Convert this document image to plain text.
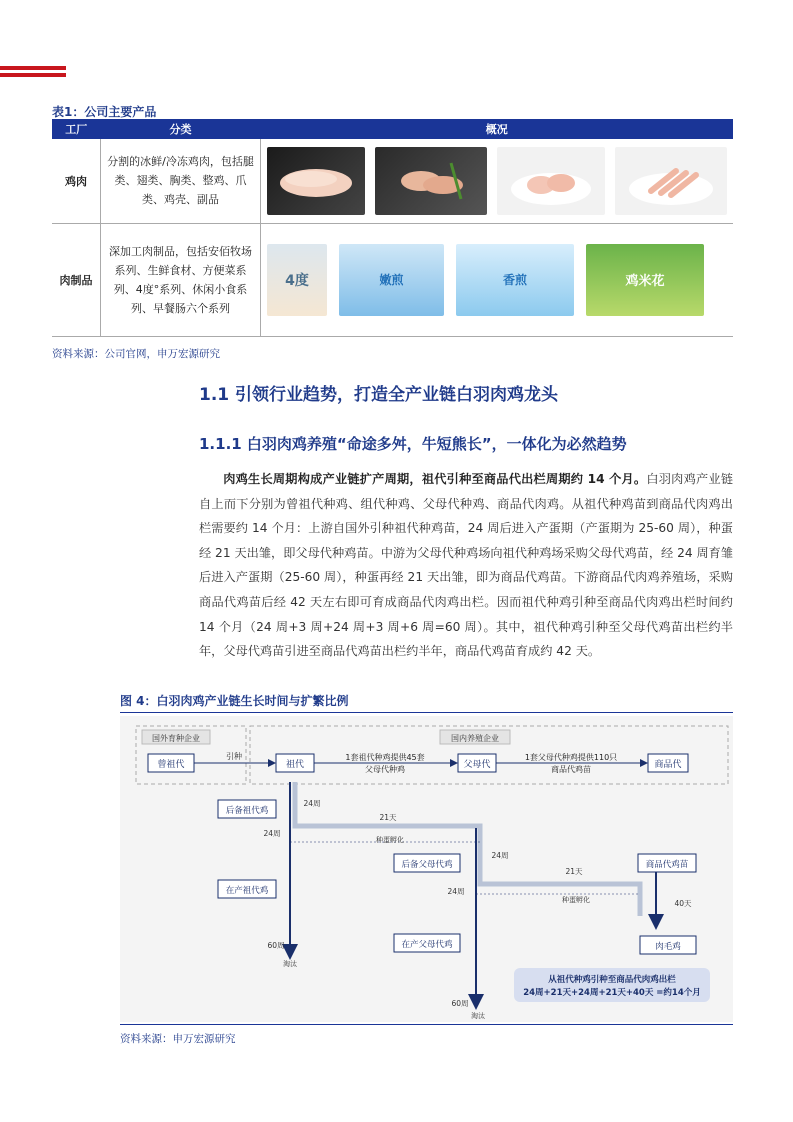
表1：公司主要产品
工厂	分类	概况
鸡肉	分割的冰鲜/冷冻鸡肉，包括腿类、翅类、胸类、整鸡、爪类、鸡壳、副品	

肉制品	深加工肉制品，包括安佰牧场系列、生鲜食材、方便菜系列、4度°系列、休闲小食系列、早餐肠六个系列	4度 嫩煎 香煎 鸡米花
资料来源：公司官网，申万宏源研究
1.1 引领行业趋势，打造全产业链白羽肉鸡龙头
1.1.1 白羽肉鸡养殖“命途多舛，牛短熊长”，一体化为必然趋势
肉鸡生长周期构成产业链扩产周期，祖代引种至商品代出栏周期约 14 个月。白羽肉鸡产业链自上而下分别为曾祖代种鸡、组代种鸡、父母代种鸡、商品代肉鸡。从祖代种鸡苗到商品代肉鸡出栏需要约 14 个月：上游自国外引种祖代种鸡苗，24 周后进入产蛋期（产蛋期为 25-60 周），种蛋经 21 天出雏，即父母代种鸡苗。中游为父母代种鸡场向祖代种鸡场采购父母代鸡苗，经 24 周育雏后进入产蛋期（25-60 周），种蛋再经 21 天出雏，即为商品代鸡苗。下游商品代肉鸡养殖场，采购商品代鸡苗后经 42 天左右即可育成商品代肉鸡出栏。因而祖代种鸡引种至商品代肉鸡出栏时间约 14 个月（24 周+3 周+24 周+3 周+6 周=60 周）。其中，祖代种鸡引种至父母代鸡苗出栏约半年，父母代鸡苗引进至商品代鸡苗出栏约半年，商品代鸡苗育成约 42 天。
图 4：白羽肉鸡产业链生长时间与扩繁比例
国外育种企业	国内养殖企业
曾祖代
引种
祖代
1套祖代种鸡提供45套
父母代种鸡	父母代
1套父母代种鸡提供110只
商品代鸡苗	商品代
后备祖代鸡
24周
24周
21天
种蛋孵化
在产祖代鸡
60周
淘汰
后备父母代鸡
24周
24周
21天
种蛋孵化
在产父母代鸡
60周
淘汰
商品代鸡苗
40天
肉毛鸡
从祖代种鸡引种至商品代肉鸡出栏
24周+21天+24周+21天+40天 =约14个月
资料来源：申万宏源研究
